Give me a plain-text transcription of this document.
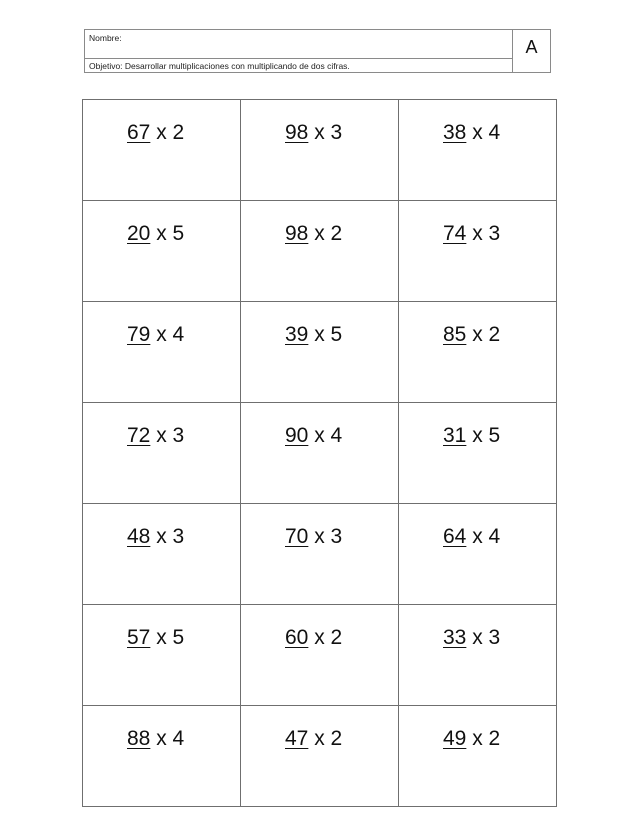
Nombre:
Objetivo: Desarrollar multiplicaciones con multiplicando de dos cifras.
A
67 x 2	98 x 3	38 x 4

20 x 5	98 x 2	74 x 3

79 x 4	39 x 5	85 x 2

72 x 3	90 x 4	31 x 5

48 x 3	70 x 3	64 x 4

57 x 5	60 x 2	33 x 3

88 x 4	47 x 2	49 x 2
